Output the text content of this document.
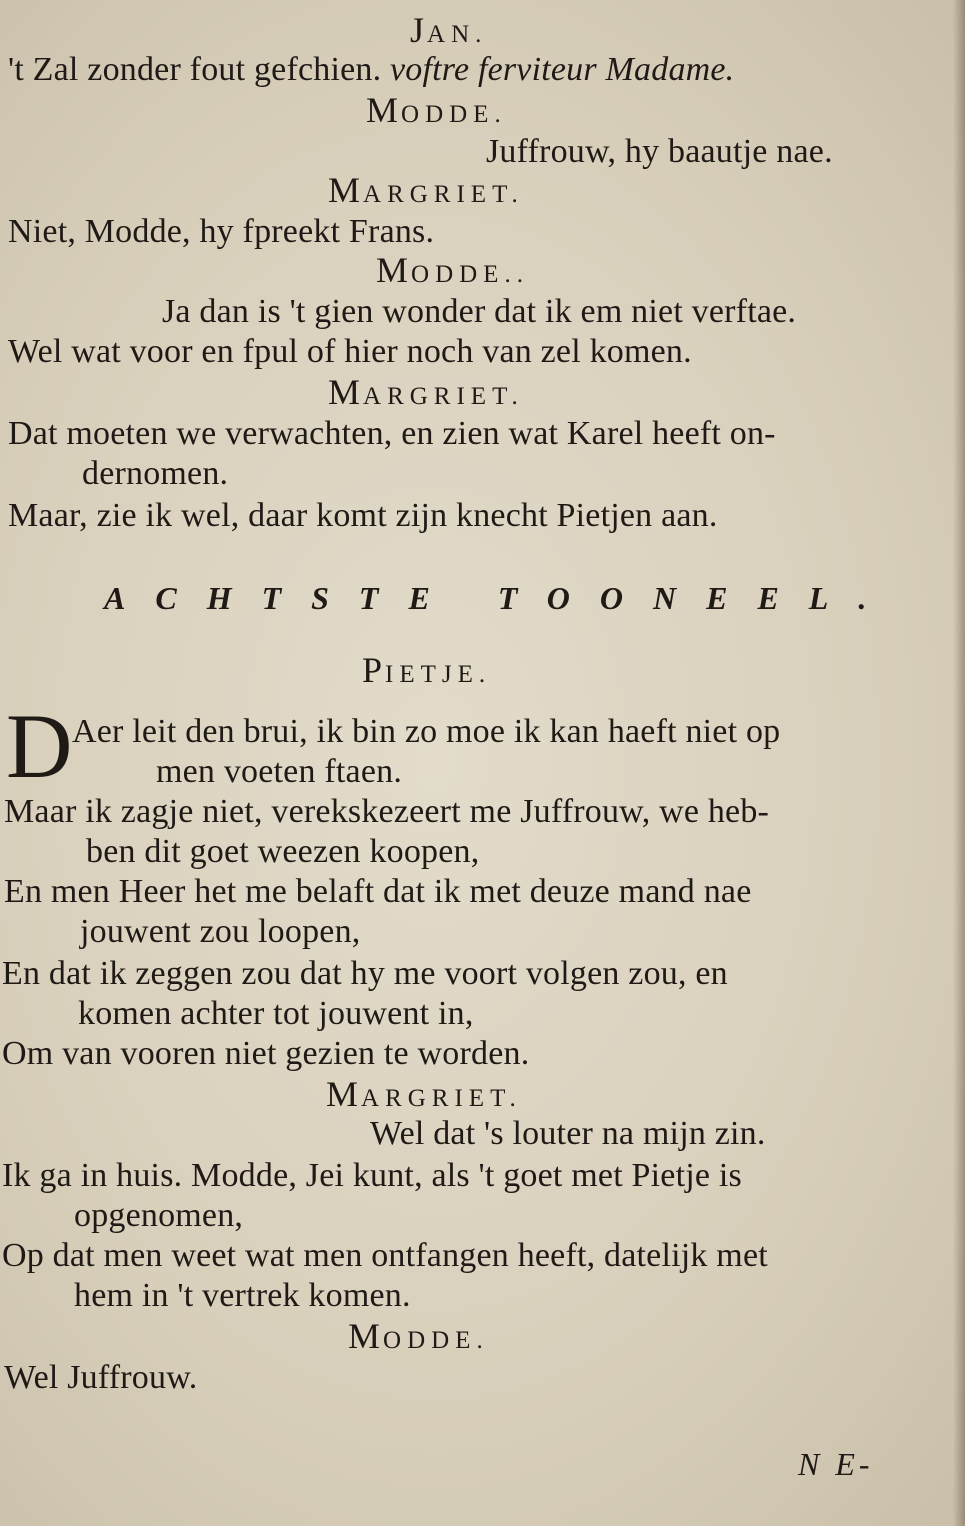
JAN.
't Zal zonder fout gefchien. voftre ferviteur Madame.
MODDE.
Juffrouw, hy baautje nae.
MARGRIET.
Niet, Modde, hy fpreekt Frans.
MODDE..
Ja dan is 't gien wonder dat ik em niet verftae.
Wel wat voor en fpul of hier noch van zel komen.
MARGRIET.
Dat moeten we verwachten, en zien wat Karel heeft on-
dernomen.
Maar, zie ik wel, daar komt zijn knecht Pietjen aan.
ACHTSTE TOONEEL.
PIETJE.
D Aer leit den brui, ik bin zo moe ik kan haeft niet op
men voeten ftaen.
Maar ik zagje niet, verekskezeert me Juffrouw, we heb-
ben dit goet weezen koopen,
En men Heer het me belaft dat ik met deuze mand nae
jouwent zou loopen,
En dat ik zeggen zou dat hy me voort volgen zou, en
komen achter tot jouwent in,
Om van vooren niet gezien te worden.
MARGRIET.
Wel dat 's louter na mijn zin.
Ik ga in huis. Modde, Jei kunt, als 't goet met Pietje is
opgenomen,
Op dat men weet wat men ontfangen heeft, datelijk met
hem in 't vertrek komen.
MODDE.
Wel Juffrouw.
N E-
